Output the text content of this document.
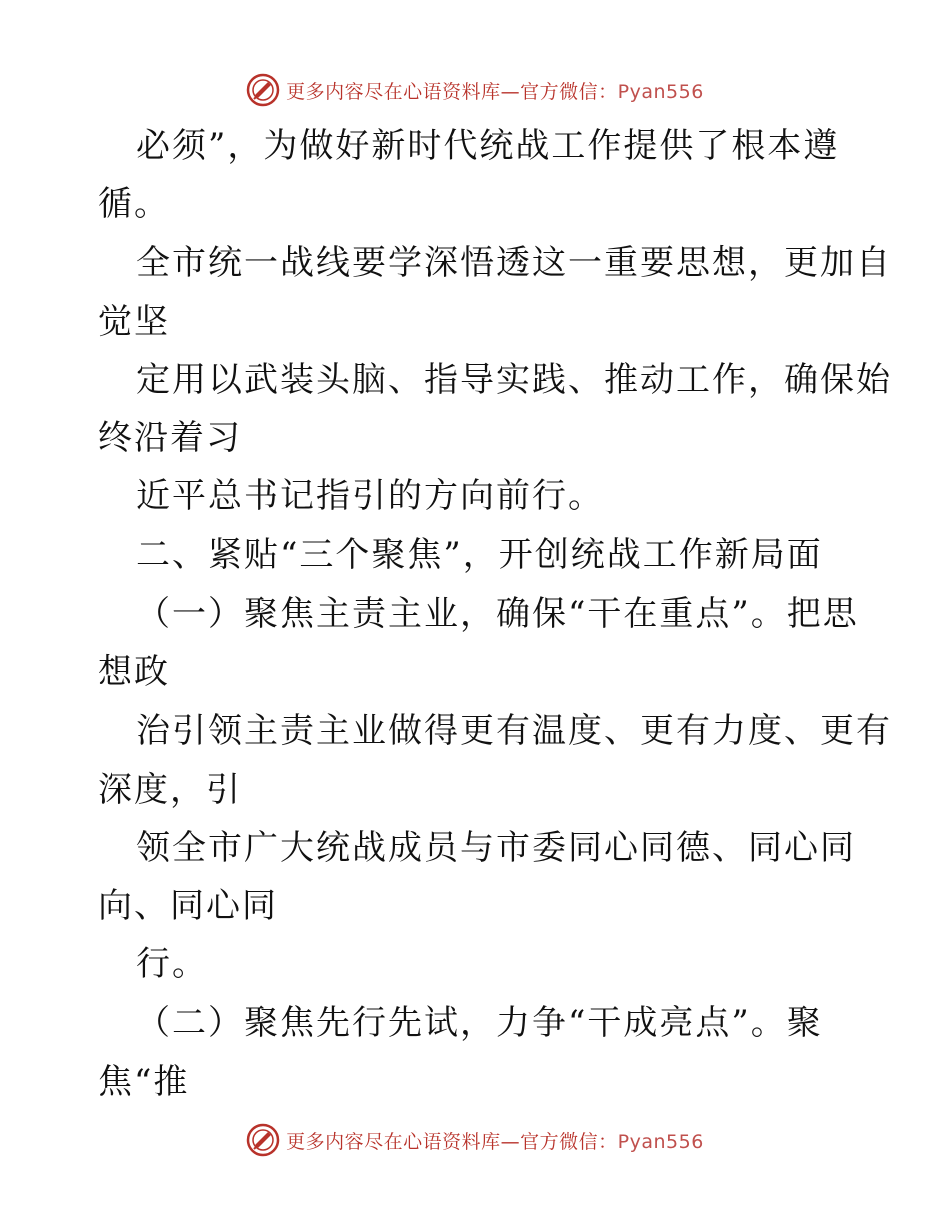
更多内容尽在心语资料库—官方微信：Pyan556
必须”，为做好新时代统战工作提供了根本遵
循。
全市统一战线要学深悟透这一重要思想，更加自
觉坚
定用以武装头脑、指导实践、推动工作，确保始
终沿着习
近平总书记指引的方向前行。
二、紧贴“三个聚焦”，开创统战工作新局面
（一）聚焦主责主业，确保“干在重点”。把思
想政
治引领主责主业做得更有温度、更有力度、更有
深度，引
领全市广大统战成员与市委同心同德、同心同
向、同心同
行。
（二）聚焦先行先试，力争“干成亮点”。聚
焦“推
更多内容尽在心语资料库—官方微信：Pyan556
